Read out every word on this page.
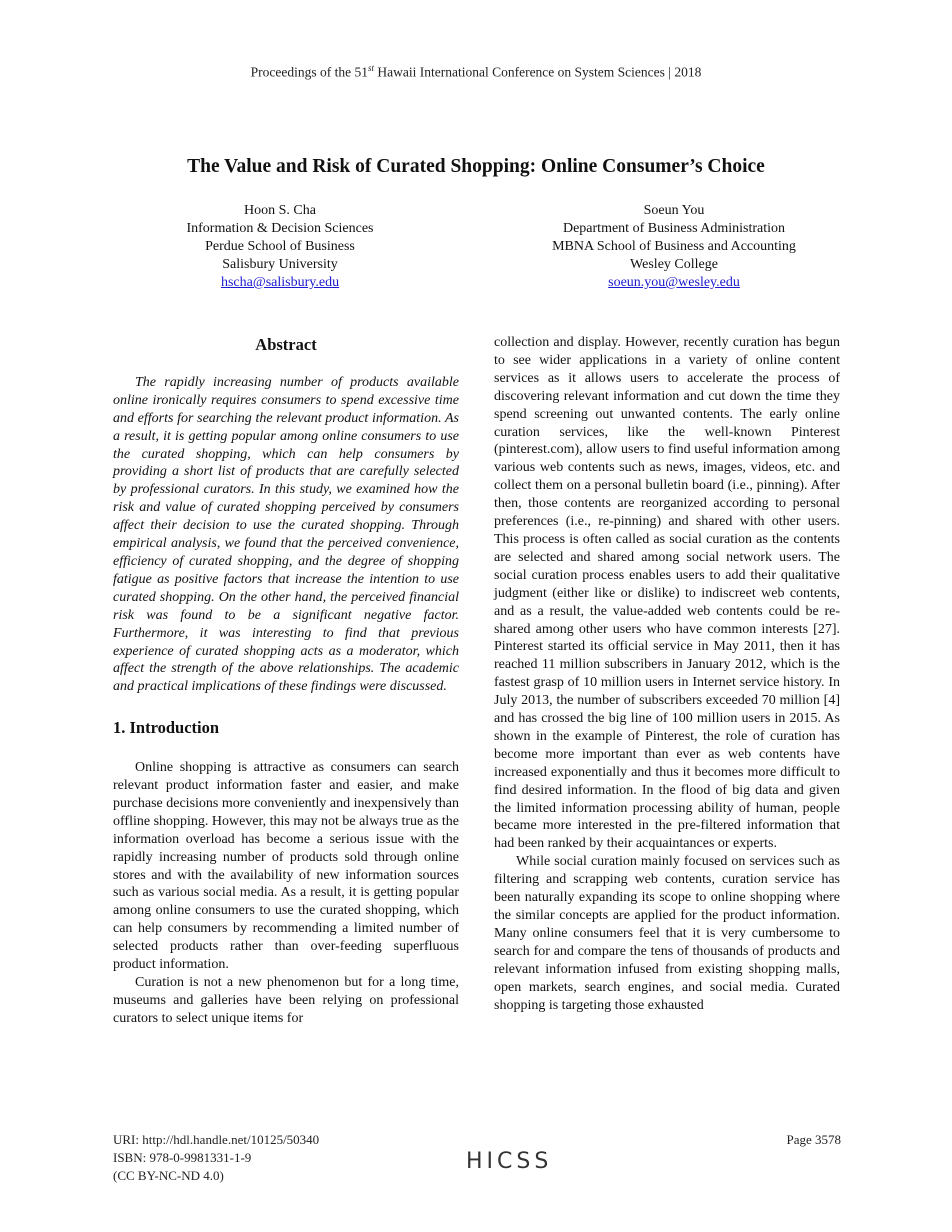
Proceedings of the 51st Hawaii International Conference on System Sciences | 2018
The Value and Risk of Curated Shopping: Online Consumer’s Choice
Hoon S. Cha
Information & Decision Sciences
Perdue School of Business
Salisbury University
hscha@salisbury.edu
Soeun You
Department of Business Administration
MBNA School of Business and Accounting
Wesley College
soeun.you@wesley.edu
Abstract

The rapidly increasing number of products available online ironically requires consumers to spend excessive time and efforts for searching the relevant product information. As a result, it is getting popular among online consumers to use the curated shopping, which can help consumers by providing a short list of products that are carefully selected by professional curators. In this study, we examined how the risk and value of curated shopping perceived by consumers affect their decision to use the curated shopping. Through empirical analysis, we found that the perceived convenience, efficiency of curated shopping, and the degree of shopping fatigue as positive factors that increase the intention to use curated shopping. On the other hand, the perceived financial risk was found to be a significant negative factor. Furthermore, it was interesting to find that previous experience of curated shopping acts as a moderator, which affect the strength of the above relationships. The academic and practical implications of these findings were discussed.

1. Introduction

Online shopping is attractive as consumers can search relevant product information faster and easier, and make purchase decisions more conveniently and inexpensively than offline shopping. However, this may not be always true as the information overload has become a serious issue with the rapidly increasing number of products sold through online stores and with the availability of new information sources such as various social media. As a result, it is getting popular among online consumers to use the curated shopping, which can help consumers by recommending a limited number of selected products rather than over-feeding superfluous product information.

Curation is not a new phenomenon but for a long time, museums and galleries have been relying on professional curators to select unique items for

collection and display. However, recently curation has begun to see wider applications in a variety of online content services as it allows users to accelerate the process of discovering relevant information and cut down the time they spend screening out unwanted contents. The early online curation services, like the well-known Pinterest (pinterest.com), allow users to find useful information among various web contents such as news, images, videos, etc. and collect them on a personal bulletin board (i.e., pinning). After then, those contents are reorganized according to personal preferences (i.e., re-pinning) and shared with other users. This process is often called as social curation as the contents are selected and shared among social network users. The social curation process enables users to add their qualitative judgment (either like or dislike) to indiscreet web contents, and as a result, the value-added web contents could be re-shared among other users who have common interests [27]. Pinterest started its official service in May 2011, then it has reached 11 million subscribers in January 2012, which is the fastest grasp of 10 million users in Internet service history. In July 2013, the number of subscribers exceeded 70 million [4] and has crossed the big line of 100 million users in 2015. As shown in the example of Pinterest, the role of curation has become more important than ever as web contents have increased exponentially and thus it becomes more difficult to find desired information. In the flood of big data and given the limited information processing ability of human, people became more interested in the pre-filtered information that had been ranked by their acquaintances or experts.

While social curation mainly focused on services such as filtering and scrapping web contents, curation service has been naturally expanding its scope to online shopping where the similar concepts are applied for the product information. Many online consumers feel that it is very cumbersome to search for and compare the tens of thousands of products and relevant information infused from existing shopping malls, open markets, search engines, and social media. Curated shopping is targeting those exhausted

URI: http://hdl.handle.net/10125/50340
ISBN: 978-0-9981331-1-9
(CC BY-NC-ND 4.0)
HICSS
Page 3578
